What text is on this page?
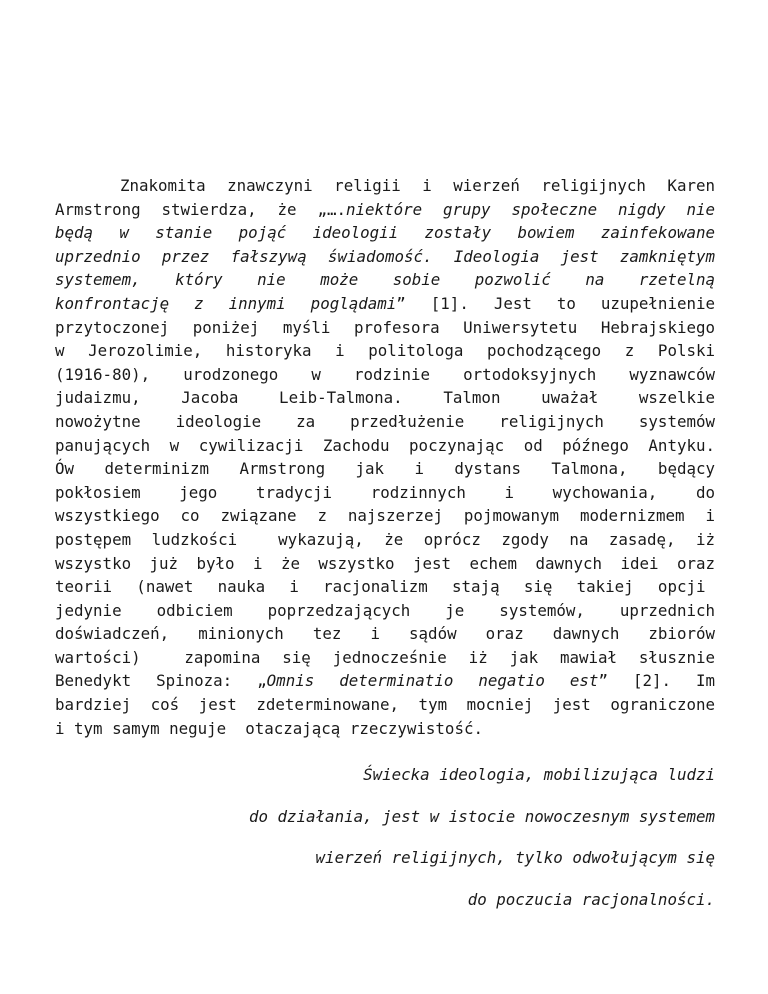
Znakomita znawczyni religii i wierzeń religijnych Karen
Armstrong stwierdza, że „….niektóre grupy społeczne nigdy nie
będą w stanie pojąć ideologii zostały bowiem zainfekowane
uprzednio przez fałszywą świadomość. Ideologia jest zamkniętym
systemem, który nie może sobie pozwolić na rzetelną
konfrontację z innymi poglądami” [1]. Jest to uzupełnienie
przytoczonej poniżej myśli profesora Uniwersytetu Hebrajskiego
w Jerozolimie, historyka i politologa pochodzącego z Polski
(1916-80), urodzonego w rodzinie ortodoksyjnych wyznawców
judaizmu, Jacoba Leib-Talmona. Talmon uważał wszelkie
nowożytne ideologie za przedłużenie religijnych systemów
panujących w cywilizacji Zachodu poczynając od późnego Antyku.
Ów determinizm Armstrong jak i dystans Talmona, będący
pokłosiem jego tradycji rodzinnych i wychowania, do
wszystkiego co związane z najszerzej pojmowanym modernizmem i
postępem ludzkości  wykazują, że oprócz zgody na zasadę, iż
wszystko już było i że wszystko jest echem dawnych idei oraz
teorii (nawet nauka i racjonalizm stają się takiej opcji
jedynie odbiciem poprzedzających je systemów, uprzednich
doświadczeń, minionych tez i sądów oraz dawnych zbiorów
wartości)  zapomina się jednocześnie iż jak mawiał słusznie
Benedykt Spinoza: „Omnis determinatio negatio est” [2]. Im
bardziej coś jest zdeterminowane, tym mocniej jest ograniczone
i tym samym neguje  otaczającą rzeczywistość.
Świecka ideologia, mobilizująca ludzi
do działania, jest w istocie nowoczesnym systemem
wierzeń religijnych, tylko odwołującym się
do poczucia racjonalności.
